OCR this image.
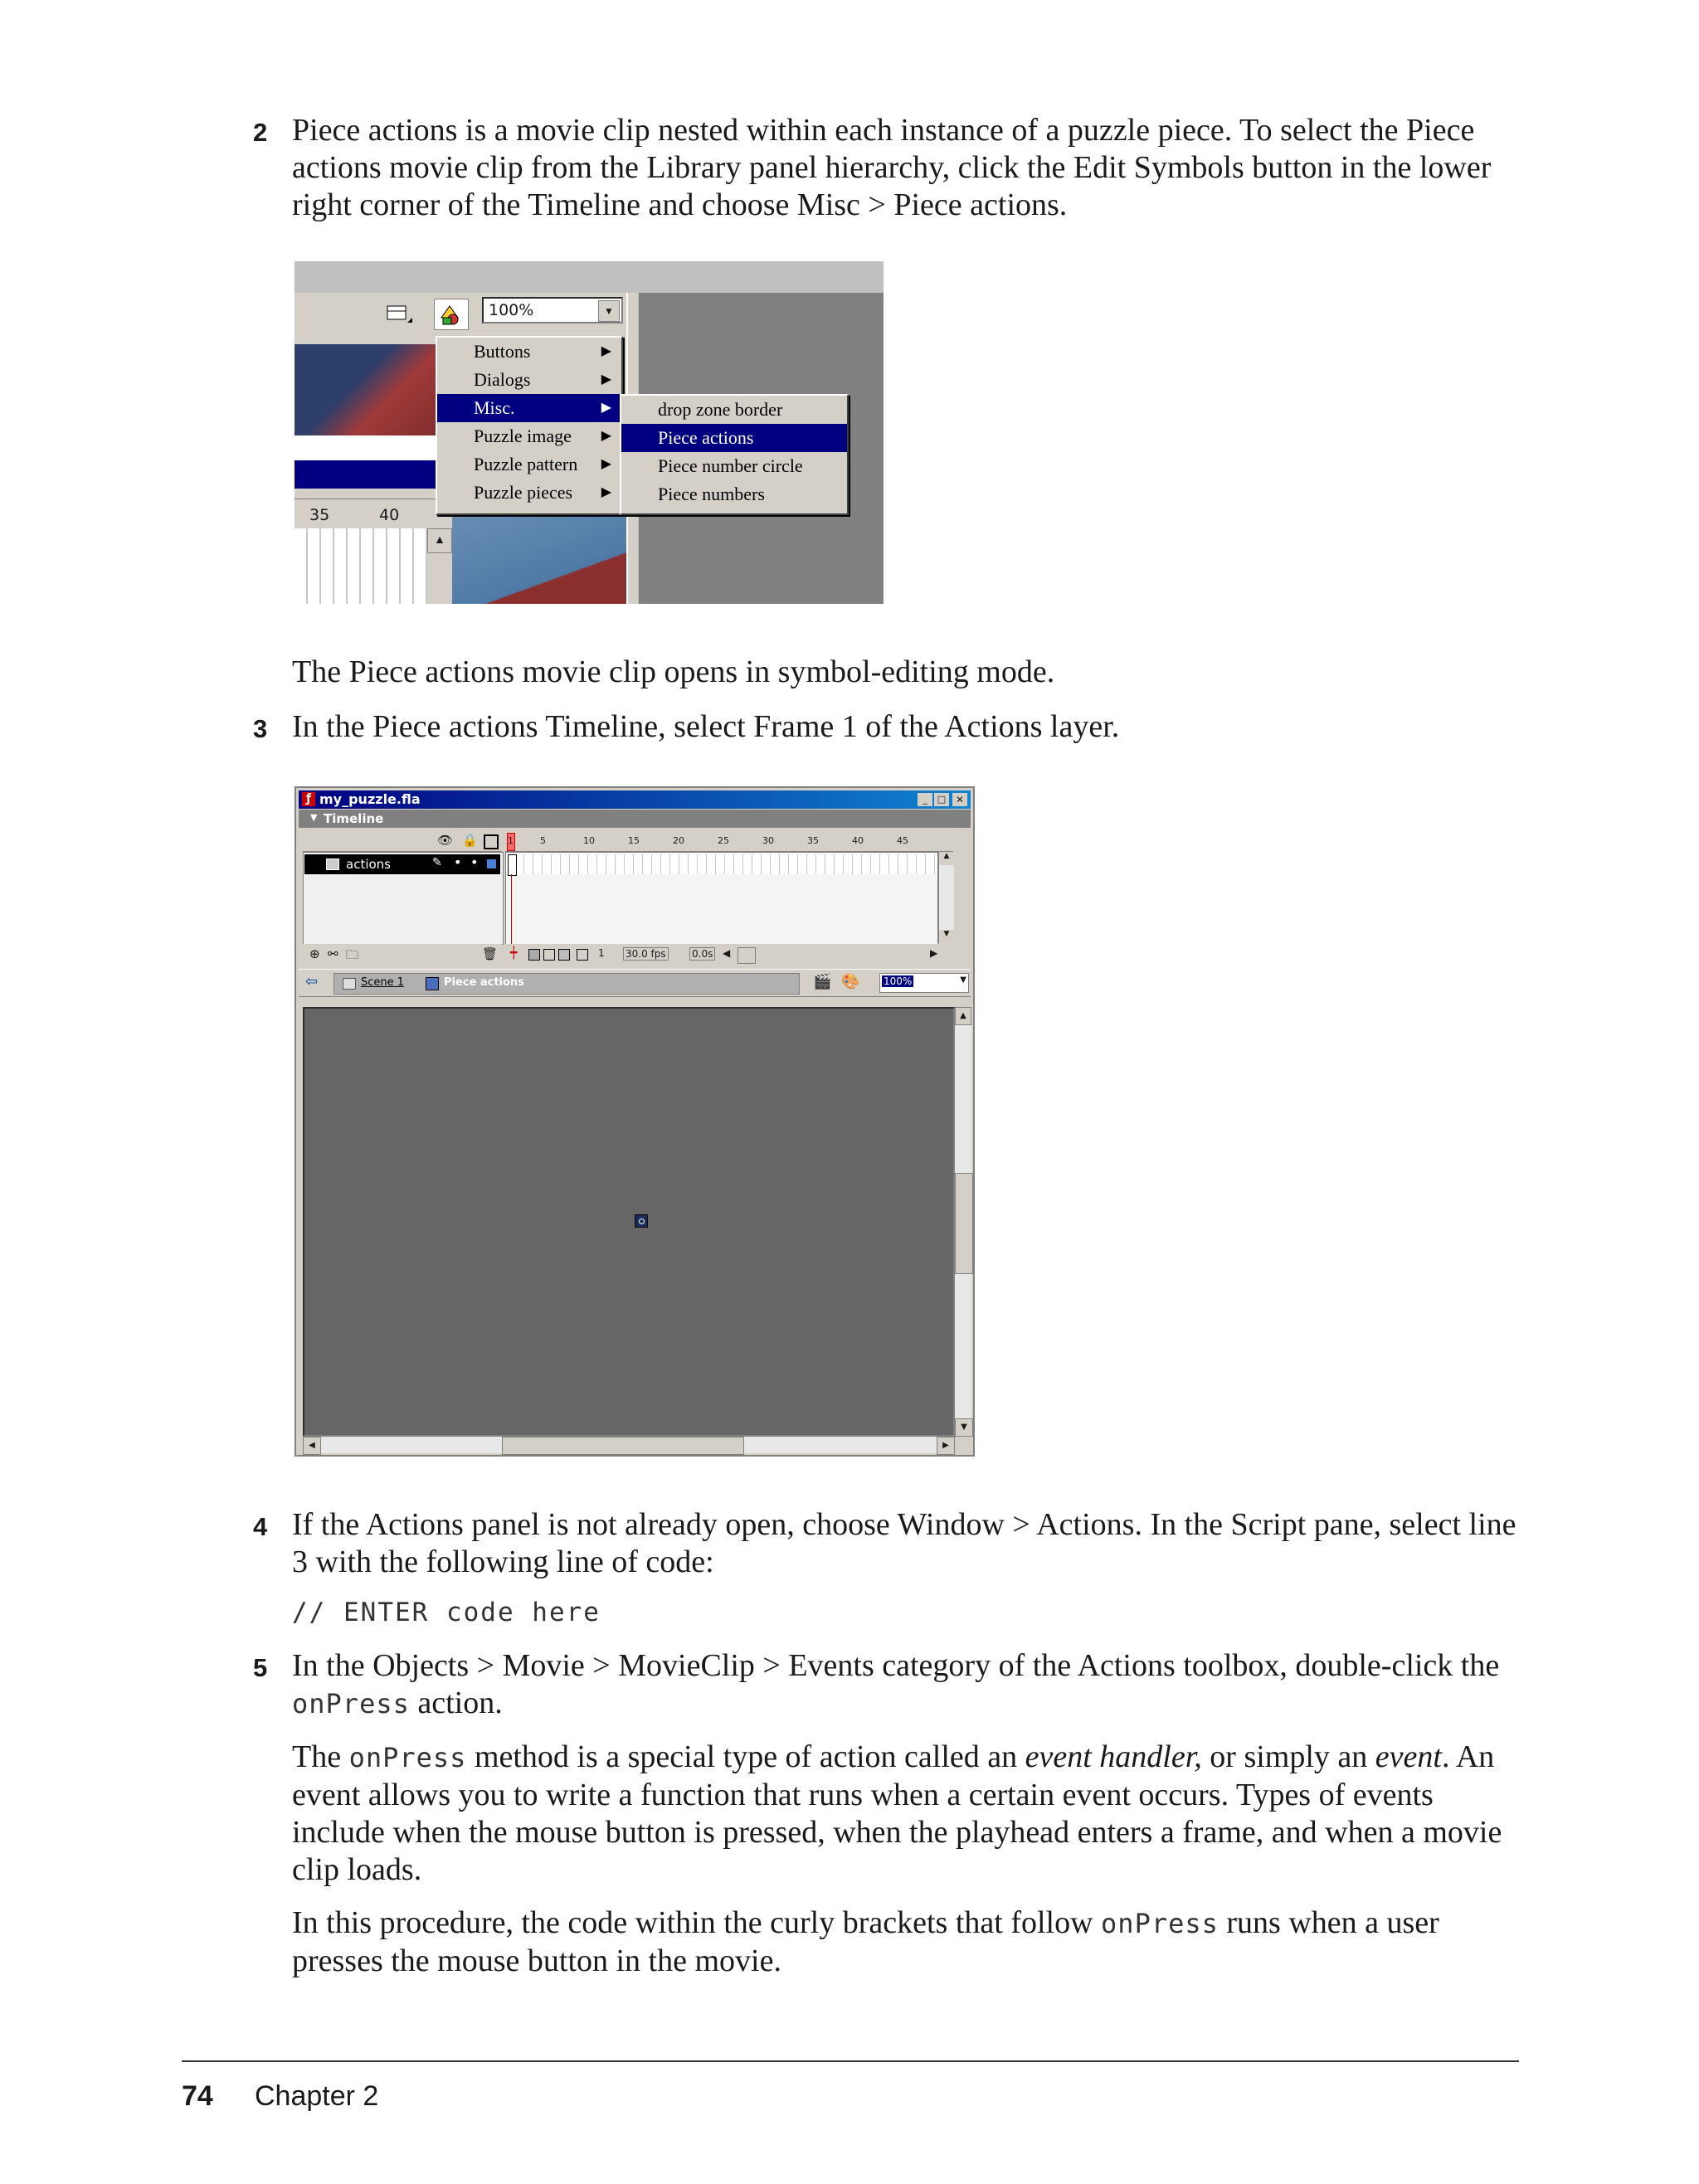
2 Piece actions is a movie clip nested within each instance of a puzzle piece. To select the Piece actions movie clip from the Library panel hierarchy, click the Edit Symbols button in the lower right corner of the Timeline and choose Misc > Piece actions.
100%	▼
35	40
▲
Buttons	▶
Dialogs	▶
Misc.	▶
Puzzle image ▶
Puzzle pattern ▶
Puzzle pieces ▶
drop zone border
Piece actions
Piece number circle
Piece numbers
The Piece actions movie clip opens in symbol-editing mode.
3 In the Piece actions Timeline, select Frame 1 of the Actions layer.
ƒ my_puzzle.fla	_	□ ✕
▼ Timeline
👁 🔒
actions	✎ • •
⊕ ⚯ 🗀	🗑
1	5	10	15	20	25	30	35	40	45
▲
▼
┿	1 30.0 fps	0.0s ◀	▶
⇦	Scene 1	Piece actions	🎬 🎨 100%	▼
▲
▼
◀	▶
4 If the Actions panel is not already open, choose Window > Actions. In the Script pane, select line 3 with the following line of code:
// ENTER code here
5 In the Objects > Movie > MovieClip > Events category of the Actions toolbox, double-click the onPress action.
The onPress method is a special type of action called an event handler, or simply an event. An event allows you to write a function that runs when a certain event occurs. Types of events include when the mouse button is pressed, when the playhead enters a frame, and when a movie clip loads.
In this procedure, the code within the curly brackets that follow onPress runs when a user presses the mouse button in the movie.
74 Chapter 2
